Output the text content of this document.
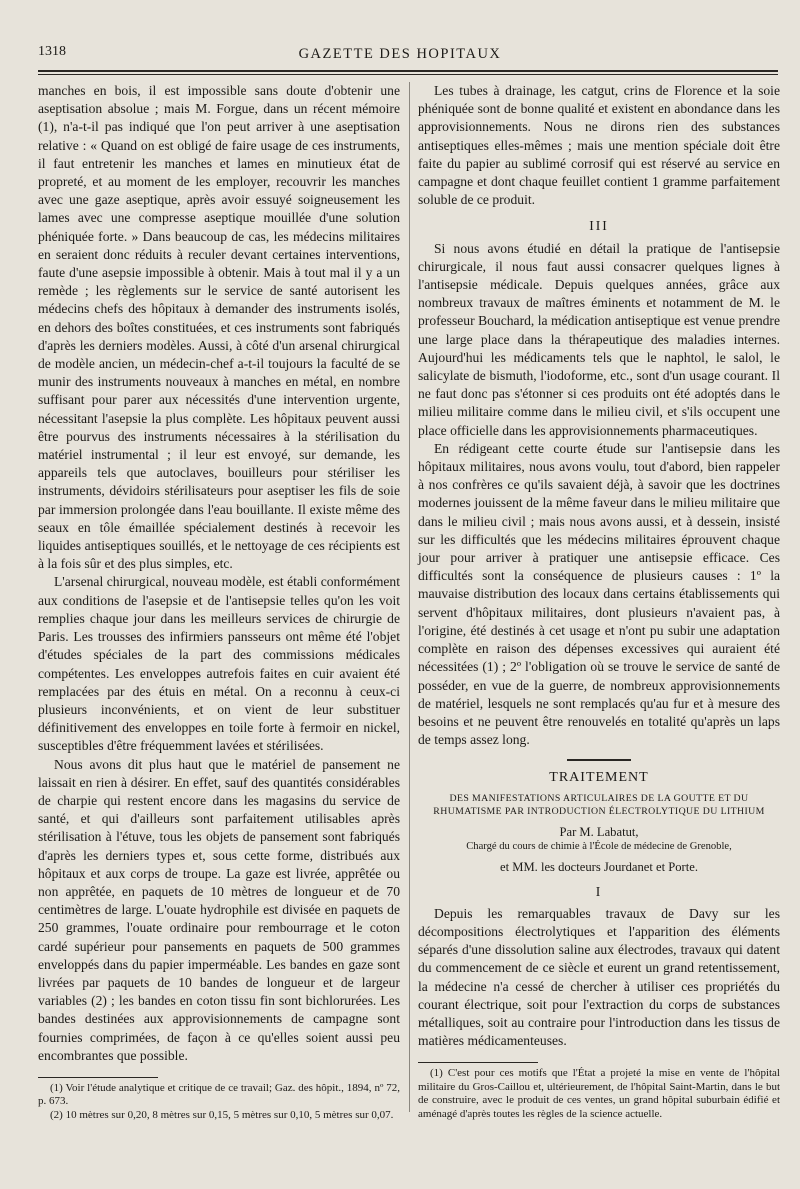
1318	GAZETTE DES HOPITAUX

manches en bois, il est impossible sans doute d'obtenir une aseptisation absolue ; mais M. Forgue, dans un récent mémoire (1), n'a-t-il pas indiqué que l'on peut arriver à une aseptisation relative : « Quand on est obligé de faire usage de ces instruments, il faut entretenir les manches et lames en minutieux état de propreté, et au moment de les employer, recouvrir les manches avec une gaze aseptique, après avoir essuyé soigneusement les lames avec une compresse aseptique mouillée d'une solution phéniquée forte. » Dans beaucoup de cas, les médecins militaires en seraient donc réduits à reculer devant certaines interventions, faute d'une asepsie impossible à obtenir. Mais à tout mal il y a un remède ; les règlements sur le service de santé autorisent les médecins chefs des hôpitaux à demander des instruments isolés, en dehors des boîtes constituées, et ces instruments sont fabriqués d'après les derniers modèles. Aussi, à côté d'un arsenal chirurgical de modèle ancien, un médecin-chef a-t-il toujours la faculté de se munir des instruments nouveaux à manches en métal, en nombre suffisant pour parer aux nécessités d'une intervention urgente, nécessitant l'asepsie la plus complète. Les hôpitaux peuvent aussi être pourvus des instruments nécessaires à la stérilisation du matériel instrumental ; il leur est envoyé, sur demande, les appareils tels que autoclaves, bouilleurs pour stériliser les instruments, dévidoirs stérilisateurs pour aseptiser les fils de soie par immersion prolongée dans l'eau bouillante. Il existe même des seaux en tôle émaillée spécialement destinés à recevoir les liquides antiseptiques souillés, et le nettoyage de ces récipients est à la fois sûr et des plus simples, etc.

L'arsenal chirurgical, nouveau modèle, est établi conformément aux conditions de l'asepsie et de l'antisepsie telles qu'on les voit remplies chaque jour dans les meilleurs services de chirurgie de Paris. Les trousses des infirmiers pansseurs ont même été l'objet d'études spéciales de la part des commissions médicales compétentes. Les enveloppes autrefois faites en cuir avaient été remplacées par des étuis en métal. On a reconnu à ceux-ci plusieurs inconvénients, et on vient de leur substituer définitivement des enveloppes en toile forte à fermoir en nickel, susceptibles d'être fréquemment lavées et stérilisées.

Nous avons dit plus haut que le matériel de pansement ne laissait en rien à désirer. En effet, sauf des quantités considérables de charpie qui restent encore dans les magasins du service de santé, et qui d'ailleurs sont parfaitement utilisables après stérilisation à l'étuve, tous les objets de pansement sont fabriqués d'après les derniers types et, sous cette forme, distribués aux hôpitaux et aux corps de troupe. La gaze est livrée, apprêtée ou non apprêtée, en paquets de 10 mètres de longueur et de 70 centimètres de large. L'ouate hydrophile est divisée en paquets de 250 grammes, l'ouate ordinaire pour rembourrage et le coton cardé supérieur pour pansements en paquets de 500 grammes enveloppés dans du papier imperméable. Les bandes en gaze sont livrées par paquets de 10 bandes de longueur et de largeur variables (2) ; les bandes en coton tissu fin sont bichlorurées. Les bandes destinées aux approvisionnements de campagne sont fournies comprimées, de façon à ce qu'elles soient aussi peu encombrantes que possible.

(1) Voir l'étude analytique et critique de ce travail; Gaz. des hôpit., 1894, nº 72, p. 673.

(2) 10 mètres sur 0,20, 8 mètres sur 0,15, 5 mètres sur 0,10, 5 mètres sur 0,07.

Les tubes à drainage, les catgut, crins de Florence et la soie phéniquée sont de bonne qualité et existent en abondance dans les approvisionnements. Nous ne dirons rien des substances antiseptiques elles-mêmes ; mais une mention spéciale doit être faite du papier au sublimé corrosif qui est réservé au service en campagne et dont chaque feuillet contient 1 gramme parfaitement soluble de ce produit.

III

Si nous avons étudié en détail la pratique de l'antisepsie chirurgicale, il nous faut aussi consacrer quelques lignes à l'antisepsie médicale. Depuis quelques années, grâce aux nombreux travaux de maîtres éminents et notamment de M. le professeur Bouchard, la médication antiseptique est venue prendre une large place dans la thérapeutique des maladies internes. Aujourd'hui les médicaments tels que le naphtol, le salol, le salicylate de bismuth, l'iodoforme, etc., sont d'un usage courant. Il ne faut donc pas s'étonner si ces produits ont été adoptés dans le milieu militaire comme dans le milieu civil, et s'ils occupent une place officielle dans les approvisionnements pharmaceutiques.

En rédigeant cette courte étude sur l'antisepsie dans les hôpitaux militaires, nous avons voulu, tout d'abord, bien rappeler à nos confrères ce qu'ils savaient déjà, à savoir que les doctrines modernes jouissent de la même faveur dans le milieu militaire que dans le milieu civil ; mais nous avons aussi, et à dessein, insisté sur les difficultés que les médecins militaires éprouvent chaque jour pour arriver à pratiquer une antisepsie efficace. Ces difficultés sont la conséquence de plusieurs causes : 1º la mauvaise distribution des locaux dans certains établissements qui servent d'hôpitaux militaires, dont plusieurs n'avaient pas, à l'origine, été destinés à cet usage et n'ont pu subir une adaptation complète en raison des dépenses excessives qui auraient été nécessitées (1) ; 2º l'obligation où se trouve le service de santé de posséder, en vue de la guerre, de nombreux approvisionnements de matériel, lesquels ne sont remplacés qu'au fur et à mesure des besoins et ne peuvent être renouvelés en totalité qu'après un laps de temps assez long.

TRAITEMENT
DES MANIFESTATIONS ARTICULAIRES DE LA GOUTTE ET DU RHUMATISME PAR INTRODUCTION ÉLECTROLYTIQUE DU LITHIUM
Par M. Labatut,
Chargé du cours de chimie à l'École de médecine de Grenoble,
et MM. les docteurs Jourdanet et Porte.
I

Depuis les remarquables travaux de Davy sur les décompositions électrolytiques et l'apparition des éléments séparés d'une dissolution saline aux électrodes, travaux qui datent du commencement de ce siècle et eurent un grand retentissement, la médecine n'a cessé de chercher à utiliser ces propriétés du courant électrique, soit pour l'extraction du corps de substances métalliques, soit au contraire pour l'introduction dans les tissus de matières médicamenteuses.

(1) C'est pour ces motifs que l'État a projeté la mise en vente de l'hôpital militaire du Gros-Caillou et, ultérieurement, de l'hôpital Saint-Martin, dans le but de construire, avec le produit de ces ventes, un grand hôpital suburbain édifié et aménagé d'après toutes les règles de la science actuelle.
